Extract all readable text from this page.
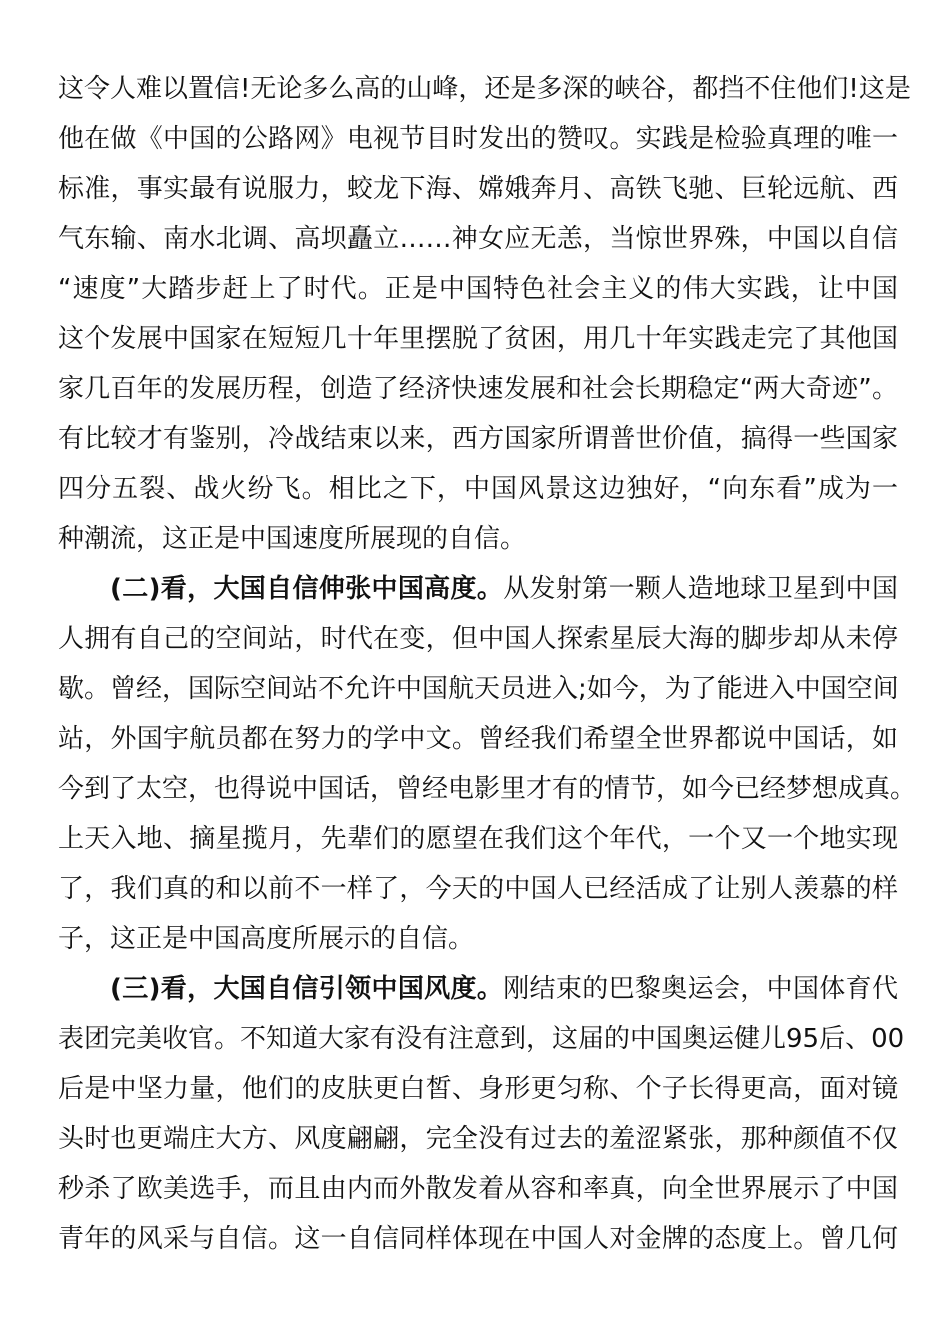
这令人难以置信!无论多么高的山峰，还是多深的峡谷，都挡不住他们!这是
他在做《中国的公路网》电视节目时发出的赞叹。实践是检验真理的唯一
标准，事实最有说服力，蛟龙下海、嫦娥奔月、高铁飞驰、巨轮远航、西
气东输、南水北调、高坝矗立……神女应无恙，当惊世界殊，中国以自信
“速度”大踏步赶上了时代。正是中国特色社会主义的伟大实践，让中国
这个发展中国家在短短几十年里摆脱了贫困，用几十年实践走完了其他国
家几百年的发展历程，创造了经济快速发展和社会长期稳定“两大奇迹”。
有比较才有鉴别，冷战结束以来，西方国家所谓普世价值，搞得一些国家
四分五裂、战火纷飞。相比之下，中国风景这边独好，“向东看”成为一
种潮流，这正是中国速度所展现的自信。
(二)看，大国自信伸张中国高度。从发射第一颗人造地球卫星到中国
人拥有自己的空间站，时代在变，但中国人探索星辰大海的脚步却从未停
歇。曾经，国际空间站不允许中国航天员进入;如今，为了能进入中国空间
站，外国宇航员都在努力的学中文。曾经我们希望全世界都说中国话，如
今到了太空，也得说中国话，曾经电影里才有的情节，如今已经梦想成真。
上天入地、摘星揽月，先辈们的愿望在我们这个年代，一个又一个地实现
了，我们真的和以前不一样了，今天的中国人已经活成了让别人羡慕的样
子，这正是中国高度所展示的自信。
(三)看，大国自信引领中国风度。刚结束的巴黎奥运会，中国体育代
表团完美收官。不知道大家有没有注意到，这届的中国奥运健儿95后、00
后是中坚力量，他们的皮肤更白皙、身形更匀称、个子长得更高，面对镜
头时也更端庄大方、风度翩翩，完全没有过去的羞涩紧张，那种颜值不仅
秒杀了欧美选手，而且由内而外散发着从容和率真，向全世界展示了中国
青年的风采与自信。这一自信同样体现在中国人对金牌的态度上。曾几何
